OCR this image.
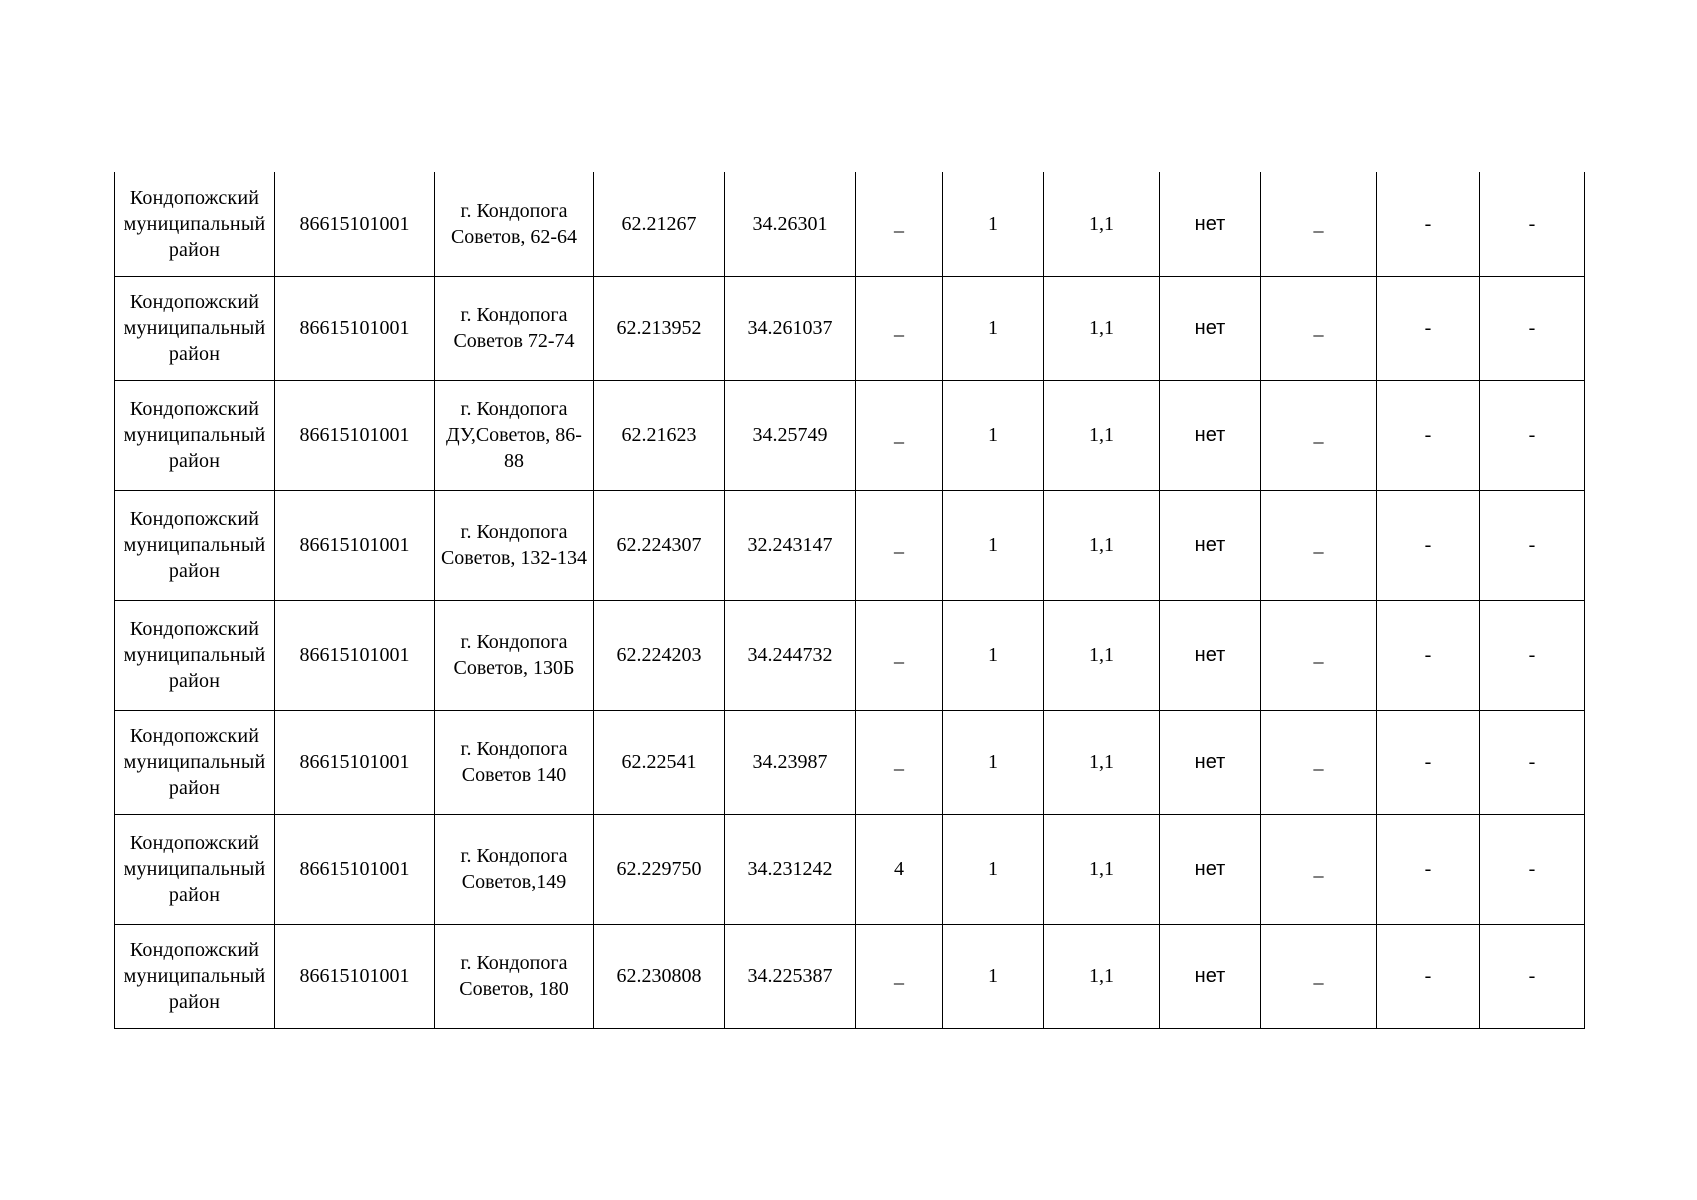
Кондопожский муниципальный район	86615101001	г. Кондопога Советов, 62-64	62.21267	34.26301	_	1	1,1	нет	_	-	-
Кондопожский муниципальный район	86615101001	г. Кондопога Советов 72-74	62.213952	34.261037	_	1	1,1	нет	_	-	-
Кондопожский муниципальный район	86615101001	г. Кондопога ДУ,Советов, 86-88	62.21623	34.25749	_	1	1,1	нет	_	-	-
Кондопожский муниципальный район	86615101001	г. Кондопога Советов, 132-134	62.224307	32.243147	_	1	1,1	нет	_	-	-
Кондопожский муниципальный район	86615101001	г. Кондопога Советов, 130Б	62.224203	34.244732	_	1	1,1	нет	_	-	-
Кондопожский муниципальный район	86615101001	г. Кондопога Советов 140	62.22541	34.23987	_	1	1,1	нет	_	-	-
Кондопожский муниципальный район	86615101001	г. Кондопога Советов,149	62.229750	34.231242	4	1	1,1	нет	_	-	-
Кондопожский муниципальный район	86615101001	г. Кондопога Советов, 180	62.230808	34.225387	_	1	1,1	нет	_	-	-
